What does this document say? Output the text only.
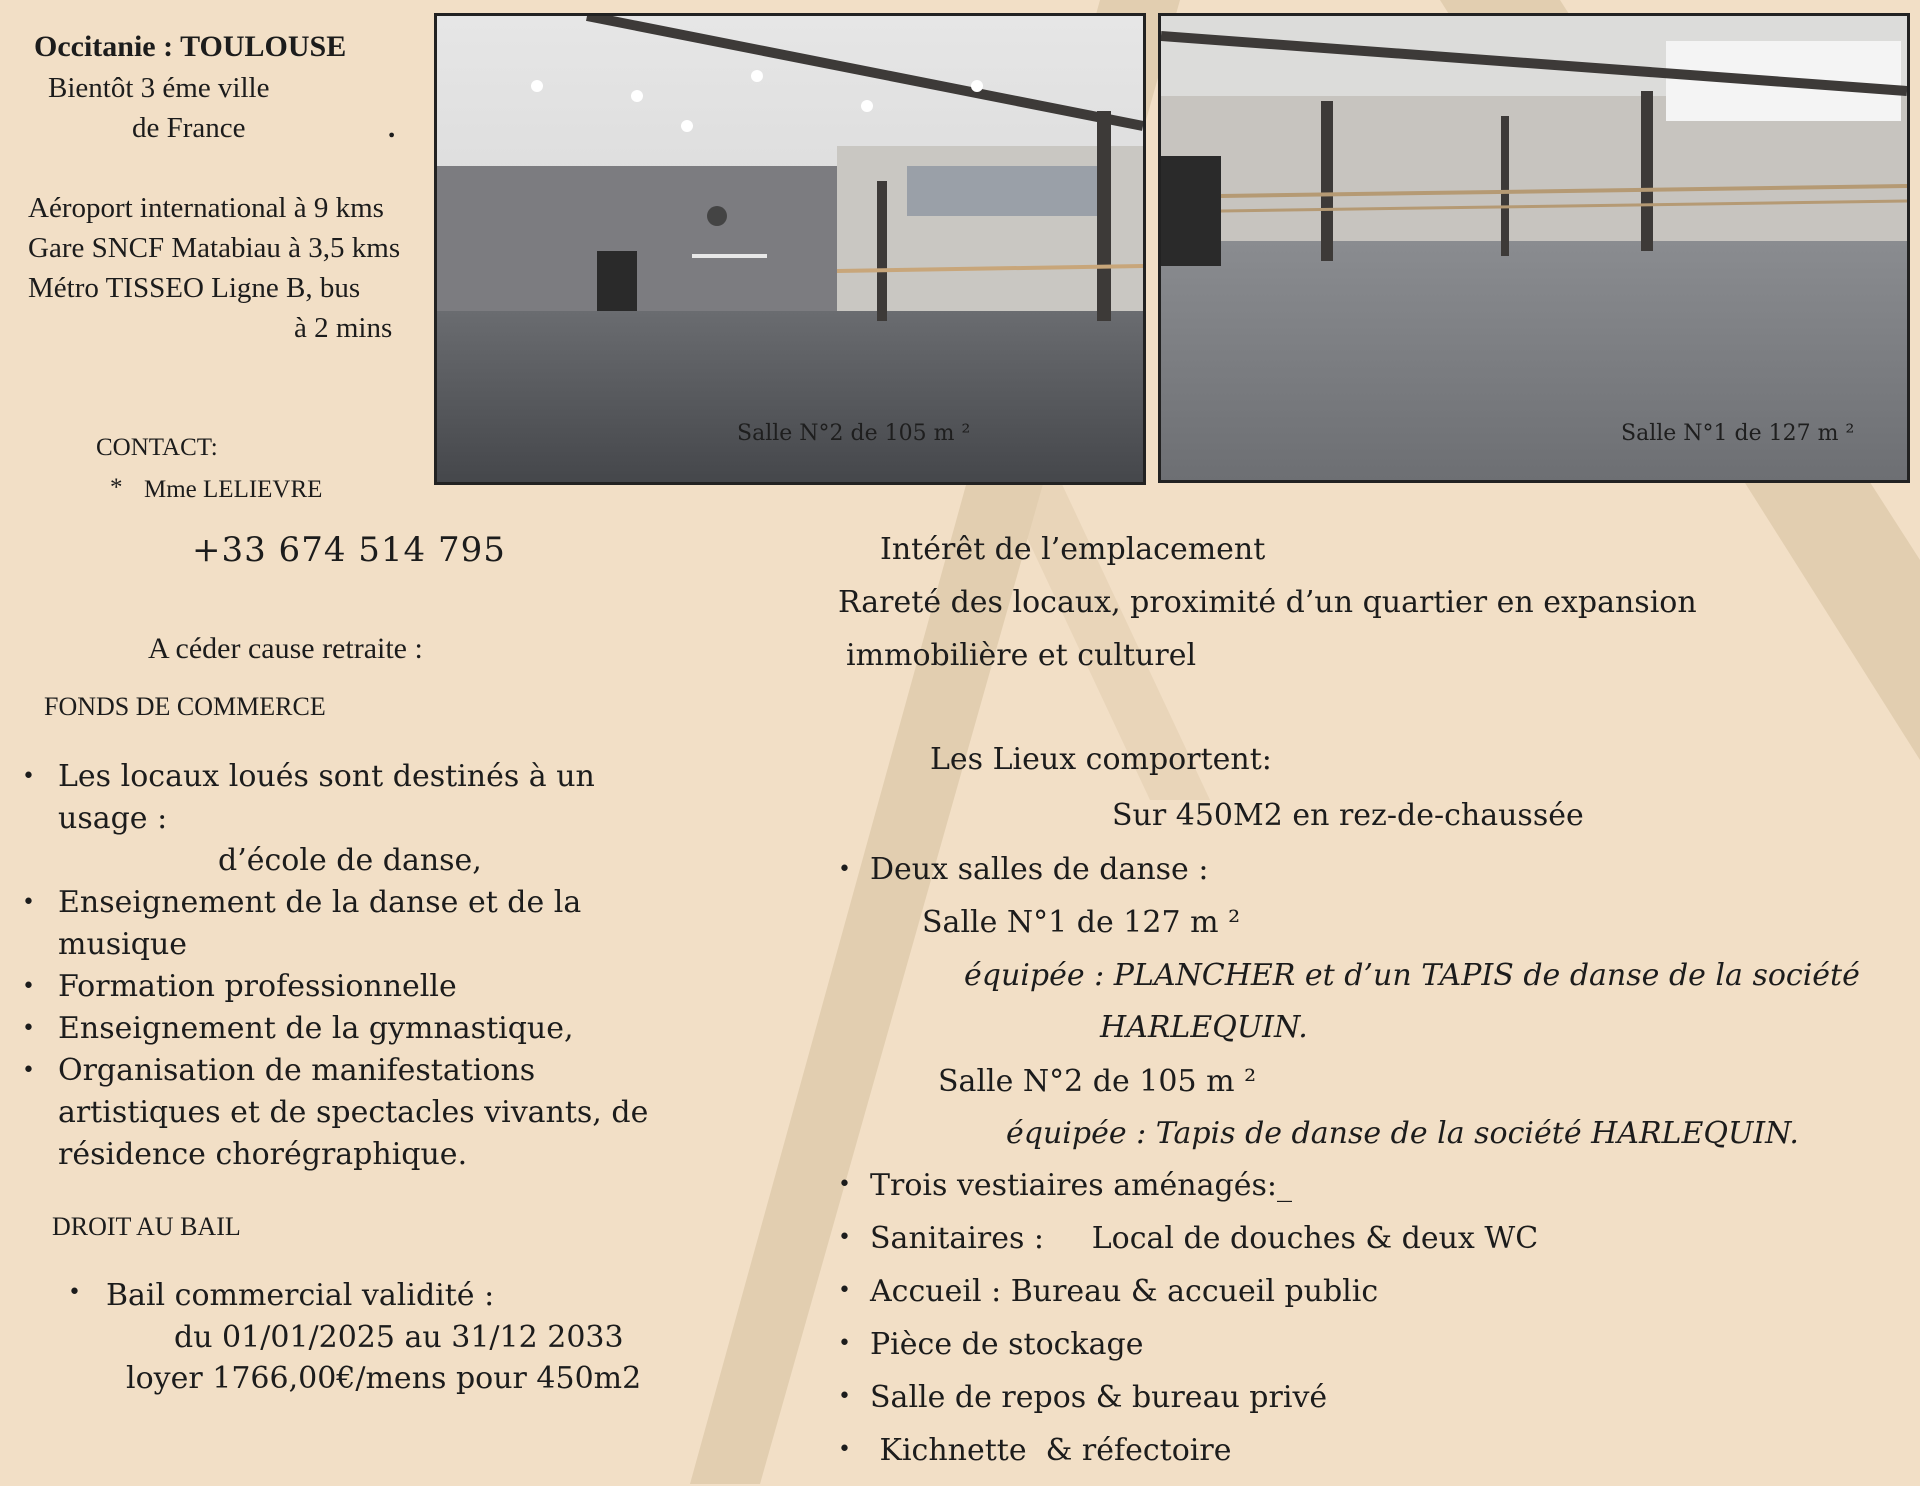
Occitanie : TOULOUSE
Bientôt 3 éme ville
de France	.
Aéroport international à 9 kms
Gare SNCF Matabiau à 3,5 kms
Métro TISSEO Ligne B, bus
à 2 mins
CONTACT:
* Mme LELIEVRE
+33 674 514 795
Salle N°2 de 105 m ²	Salle N°1 de 127 m ²
A céder cause retraite :
FONDS DE COMMERCE
• Les locaux loués sont destinés à un
usage :
d’école de danse,
• Enseignement de la danse et de la
musique
• Formation professionnelle
• Enseignement de la gymnastique,
• Organisation de manifestations
artistiques et de spectacles vivants, de
résidence chorégraphique.
DROIT AU BAIL
• Bail commercial validité :
du 01/01/2025 au 31/12 2033
loyer 1766,00€/mens pour 450m2
Intérêt de l’emplacement
Rareté des locaux, proximité d’un quartier en expansion
immobilière et culturel
Les Lieux comportent:
Sur 450M2 en rez-de-chaussée
• Deux salles de danse :
Salle N°1 de 127 m ²
équipée : PLANCHER et d’un TAPIS de danse de la société
HARLEQUIN.
Salle N°2 de 105 m ²
équipée : Tapis de danse de la société HARLEQUIN.
• Trois vestiaires aménagés:_
• Sanitaires :     Local de douches & deux WC
• Accueil : Bureau & accueil public
• Pièce de stockage
• Salle de repos & bureau privé
• Kichnette  & réfectoire
